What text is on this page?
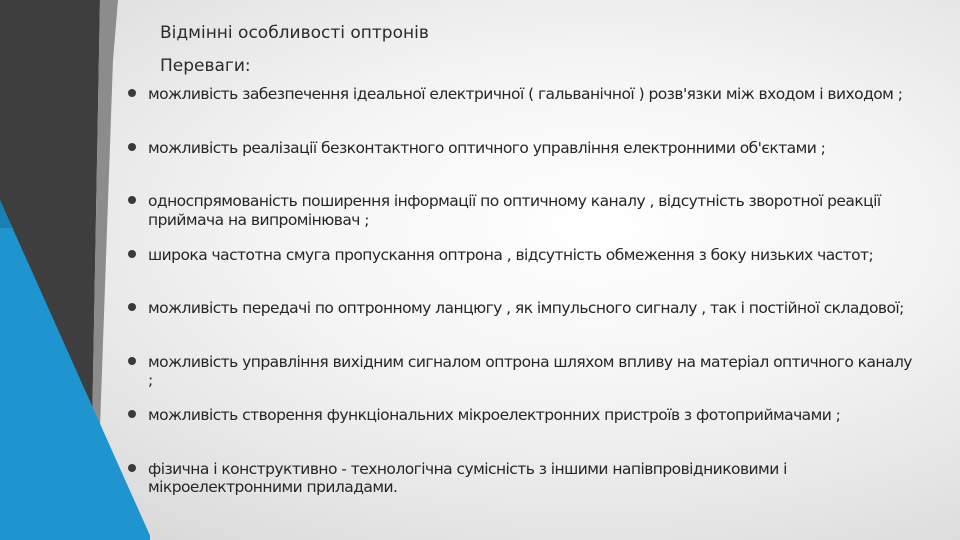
Відмінні особливості оптронів
Переваги:
можливість забезпечення ідеальної електричної ( гальванічної ) розв'язки між входом і виходом ;
можливість реалізації безконтактного оптичного управління електронними об'єктами ;
односпрямованість поширення інформації по оптичному каналу , відсутність зворотної реакції приймача на випромінювач ;
широка частотна смуга пропускання оптрона , відсутність обмеження з боку низьких частот;
можливість передачі по оптронному ланцюгу , як імпульсного сигналу , так і постійної складової;
можливість управління вихідним сигналом оптрона шляхом впливу на матеріал оптичного каналу ;
можливість створення функціональних мікроелектронних пристроїв з фотоприймачами ;
фізична і конструктивно - технологічна сумісність з іншими напівпровідниковими і мікроелектронними приладами.
